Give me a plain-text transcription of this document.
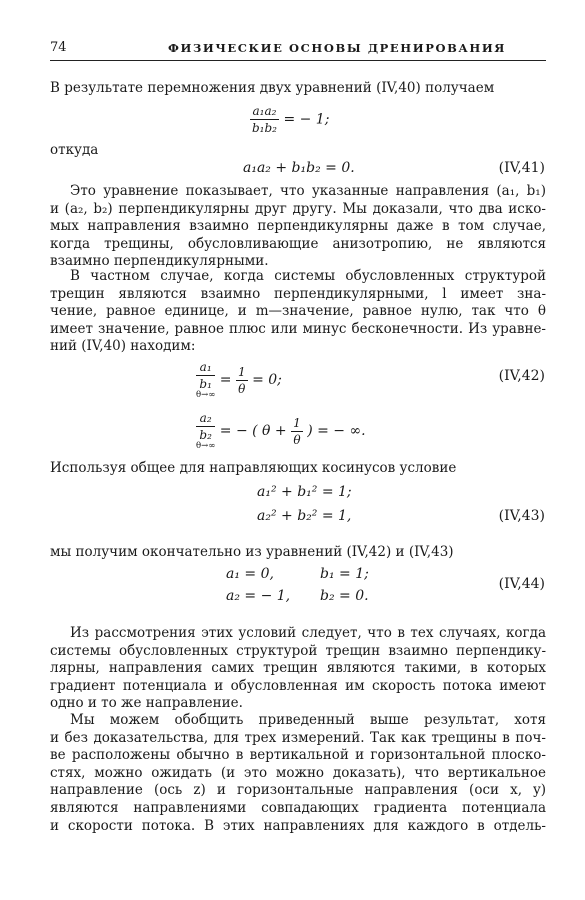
74	ФИЗИЧЕСКИЕ ОСНОВЫ ДРЕНИРОВАНИЯ
В результате перемножения двух уравнений (IV,40) получаем
$\frac{\text{a₁a₂}}{\text{b₁b₂}}$ = − 1;
откуда
a₁a₂ + b₁b₂ = 0.	(IV,41)
Это уравнение показывает, что указанные направления (a₁, b₁)
и (a₂, b₂) перпендикулярны друг другу. Мы доказали, что два иско-
мых направления взаимно перпендикулярны даже в том случае,
когда трещины, обусловливающие анизотропию, не являются
взаимно перпендикулярными.
В частном случае, когда системы обусловленных структурой
трещин являются взаимно перпендикулярными, l имеет зна-
чение, равное единице, и m—значение, равное нулю, так что θ
имеет значение, равное плюс или минус бесконечности. Из уравне-
ний (IV,40) находим:
a₁
b₁
θ→∞
= $\frac{1}{\theta} = 0$;	(IV,42)
a₂
b₂
θ→∞
= − ( $\theta + \frac{1}{\theta}$ ) = − ∞.
Используя общее для направляющих косинусов условие
a₁² + b₁² = 1;
a₂² + b₂² = 1,	(IV,43)
мы получим окончательно из уравнений (IV,42) и (IV,43)
a₁ = 0,	b₁ = 1;
a₂ = − 1, b₂ = 0.
(IV,44)
Из рассмотрения этих условий следует, что в тех случаях, когда
системы обусловленных структурой трещин взаимно перпендику-
лярны, направления самих трещин являются такими, в которых
градиент потенциала и обусловленная им скорость потока имеют
одно и то же направление.
Мы можем обобщить приведенный выше результат, хотя
и без доказательства, для трех измерений. Так как трещины в поч-
ве расположены обычно в вертикальной и горизонтальной плоско-
стях, можно ожидать (и это можно доказать), что вертикальное
направление (ось z) и горизонтальные направления (оси x, y)
являются направлениями совпадающих градиента потенциала
и скорости потока. В этих направлениях для каждого в отдель-
